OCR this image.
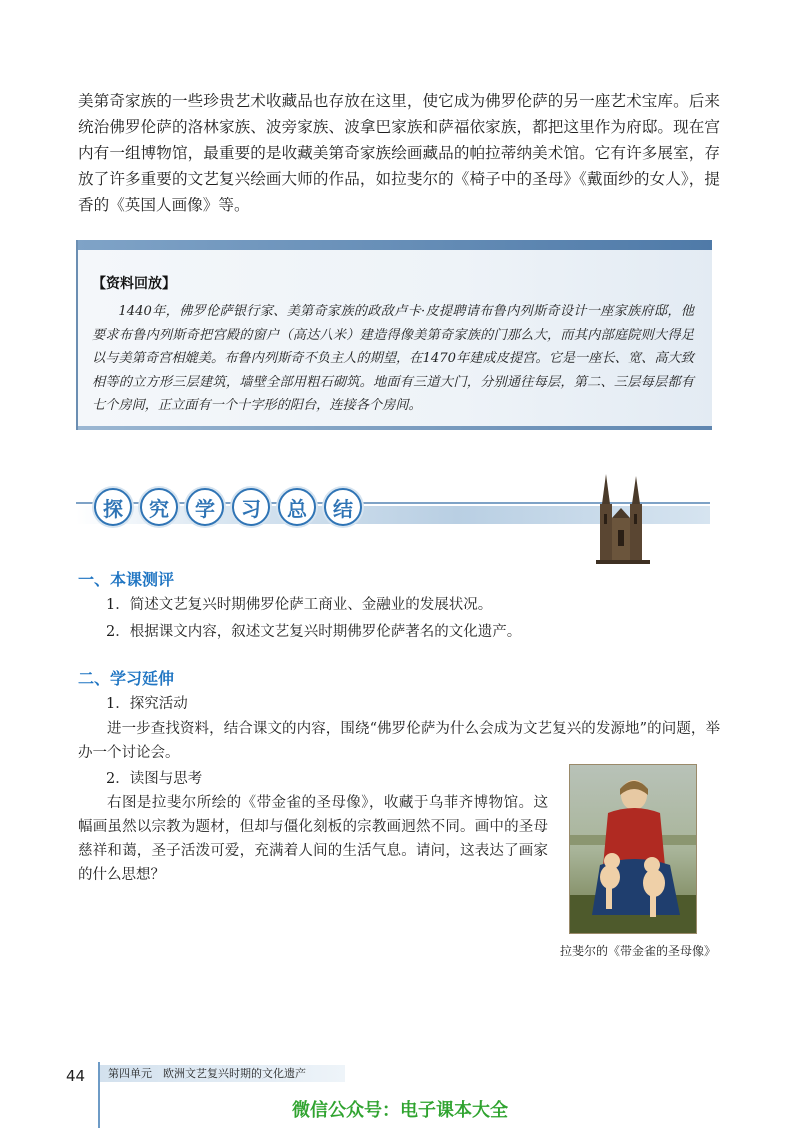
美第奇家族的一些珍贵艺术收藏品也存放在这里，使它成为佛罗伦萨的另一座艺术宝库。后来统治佛罗伦萨的洛林家族、波旁家族、波拿巴家族和萨福依家族，都把这里作为府邸。现在宫内有一组博物馆，最重要的是收藏美第奇家族绘画藏品的帕拉蒂纳美术馆。它有许多展室，存放了许多重要的文艺复兴绘画大师的作品，如拉斐尔的《椅子中的圣母》《戴面纱的女人》，提香的《英国人画像》等。

【资料回放】

1440年，佛罗伦萨银行家、美第奇家族的政敌卢卡·皮提聘请布鲁内列斯奇设计一座家族府邸，他要求布鲁内列斯奇把宫殿的窗户（高达八米）建造得像美第奇家族的门那么大，而其内部庭院则大得足以与美第奇宫相媲美。布鲁内列斯奇不负主人的期望，在1470年建成皮提宫。它是一座长、宽、高大致相等的立方形三层建筑，墙壁全部用粗石砌筑。地面有三道大门，分别通往每层，第二、三层每层都有七个房间，正立面有一个十字形的阳台，连接各个房间。

探	究	学	习	总	结
一、本课测评
1．简述文艺复兴时期佛罗伦萨工商业、金融业的发展状况。
2．根据课文内容，叙述文艺复兴时期佛罗伦萨著名的文化遗产。
二、学习延伸
1．探究活动

进一步查找资料，结合课文的内容，围绕“佛罗伦萨为什么会成为文艺复兴的发源地”的问题，举办一个讨论会。

2．读图与思考

右图是拉斐尔所绘的《带金雀的圣母像》，收藏于乌菲齐博物馆。这幅画虽然以宗教为题材，但却与僵化刻板的宗教画迥然不同。画中的圣母慈祥和蔼，圣子活泼可爱，充满着人间的生活气息。请问，这表达了画家的什么思想？

拉斐尔的《带金雀的圣母像》
44	第四单元　欧洲文艺复兴时期的文化遗产
微信公众号：电子课本大全
